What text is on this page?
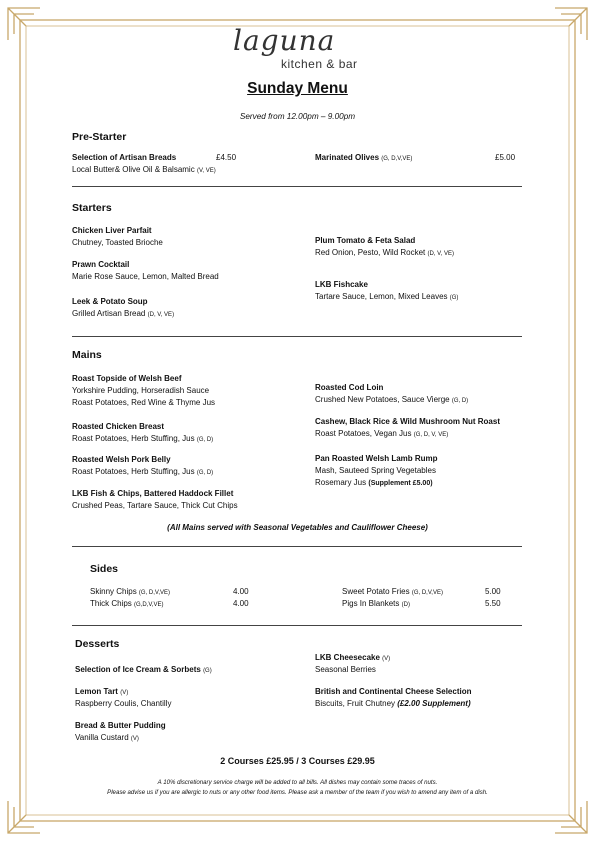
laguna
kitchen & bar
Sunday Menu
Served from 12.00pm – 9.00pm
Pre-Starter
Selection of Artisan Breads	£4.50
Local Butter& Olive Oil & Balsamic (V, VE)
Marinated Olives (G, D,V,VE)	£5.00
Starters
Chicken Liver Parfait
Chutney, Toasted Brioche
Prawn Cocktail
Marie Rose Sauce, Lemon, Malted Bread
Leek & Potato Soup
Grilled Artisan Bread (D, V, VE)
Plum Tomato & Feta Salad
Red Onion, Pesto, Wild Rocket (D, V, VE)
LKB Fishcake
Tartare Sauce, Lemon, Mixed Leaves (G)
Mains
Roast Topside of Welsh Beef
Yorkshire Pudding, Horseradish Sauce
Roast Potatoes, Red Wine & Thyme Jus
Roasted Chicken Breast
Roast Potatoes, Herb Stuffing, Jus (G, D)
Roasted Welsh Pork Belly
Roast Potatoes, Herb Stuffing, Jus (G, D)
LKB Fish & Chips, Battered Haddock Fillet
Crushed Peas, Tartare Sauce, Thick Cut Chips
Roasted Cod Loin
Crushed New Potatoes, Sauce Vierge (G, D)
Cashew, Black Rice & Wild Mushroom Nut Roast
Roast Potatoes, Vegan Jus (G, D, V, VE)
Pan Roasted Welsh Lamb Rump
Mash, Sauteed Spring Vegetables
Rosemary Jus (Supplement £5.00)
(All Mains served with Seasonal Vegetables and Cauliflower Cheese)
Sides
Skinny Chips (G, D,V,VE)	4.00
Thick Chips (G,D,V,VE)	4.00
Sweet Potato Fries (G, D,V,VE)	5.00
Pigs In Blankets (D)	5.50
Desserts
Selection of Ice Cream & Sorbets (G)
Lemon Tart (V)
Raspberry Coulis, Chantilly
Bread & Butter Pudding
Vanilla Custard (V)
LKB Cheesecake (V)
Seasonal Berries
British and Continental Cheese Selection
Biscuits, Fruit Chutney (£2.00 Supplement)
2 Courses £25.95 / 3 Courses £29.95
A 10% discretionary service charge will be added to all bills. All dishes may contain some traces of nuts.
Please advise us if you are allergic to nuts or any other food items. Please ask a member of the team if you wish to amend any item of a dish.
